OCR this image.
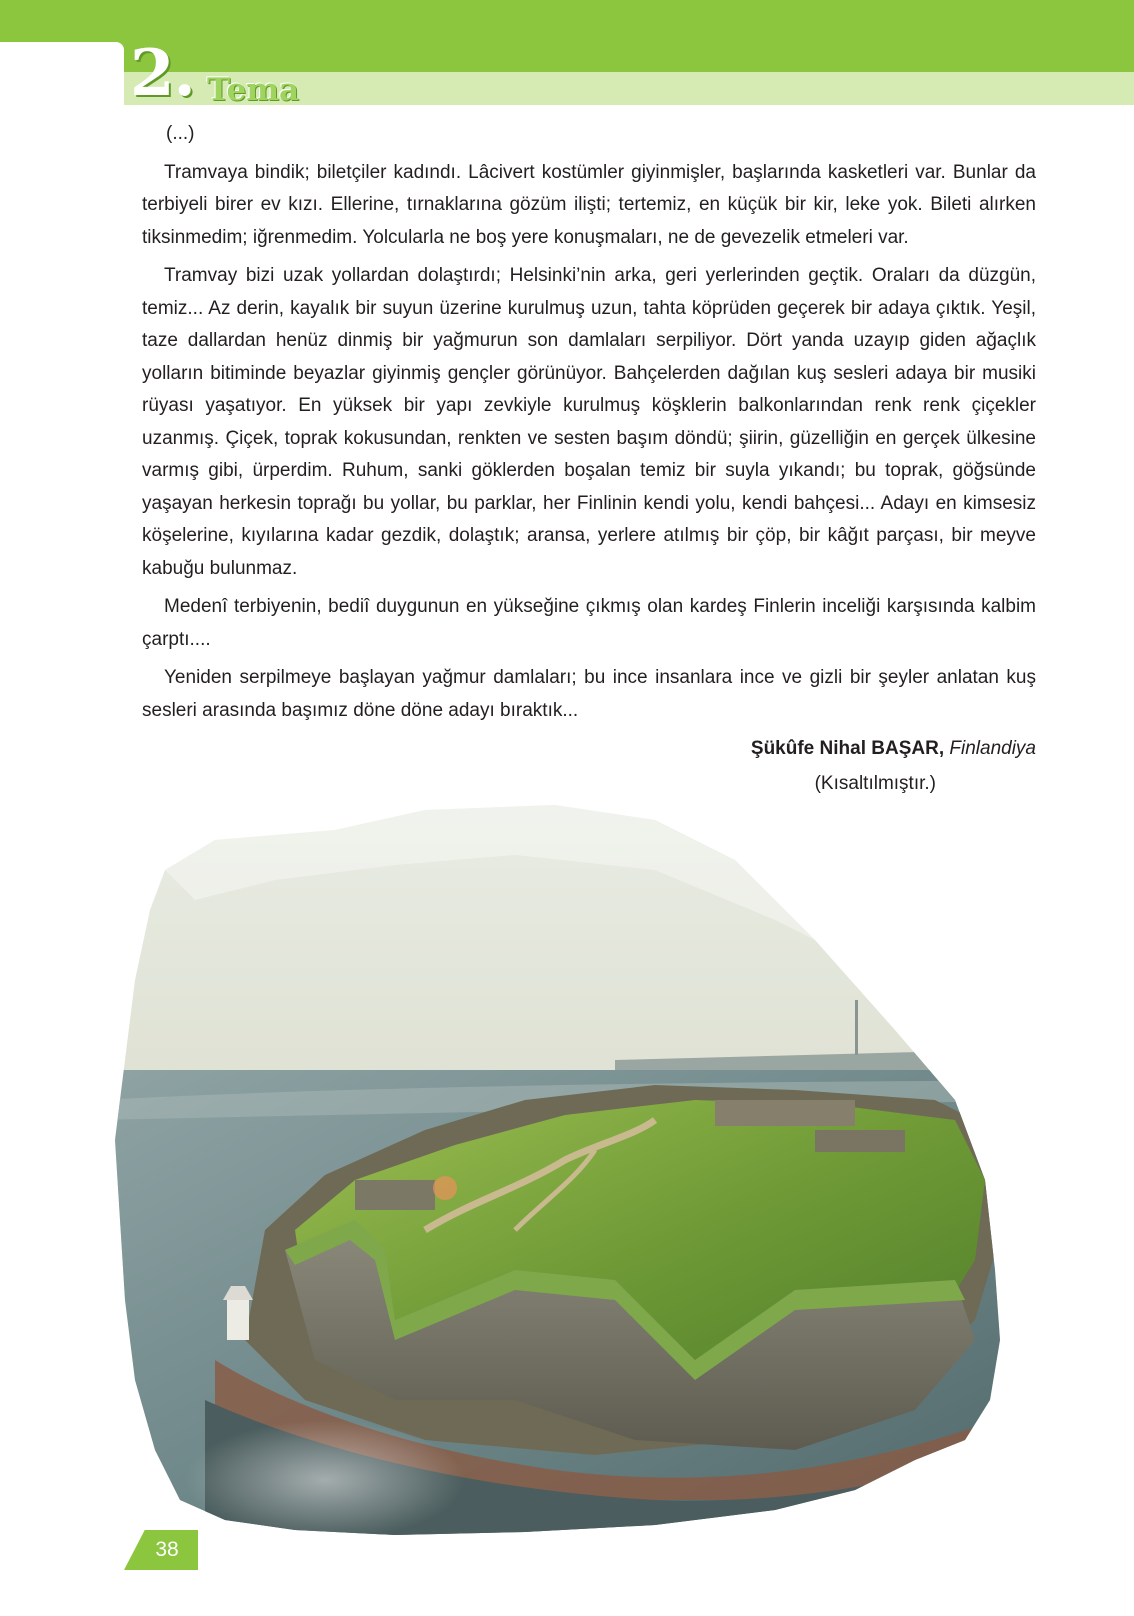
2. Tema

(...)

Tramvaya bindik; biletçiler kadındı. Lâcivert kostümler giyinmişler, başlarında kasketleri var. Bunlar da terbiyeli birer ev kızı. Ellerine, tırnaklarına gözüm ilişti; tertemiz, en küçük bir kir, leke yok. Bileti alırken tiksinmedim; iğrenmedim. Yolcularla ne boş yere konuşmaları, ne de gevezelik etmeleri var.

Tramvay bizi uzak yollardan dolaştırdı; Helsinki’nin arka, geri yerlerinden geçtik. Oraları da düzgün, temiz... Az derin, kayalık bir suyun üzerine kurulmuş uzun, tahta köprüden geçerek bir adaya çıktık. Yeşil, taze dallardan henüz dinmiş bir yağmurun son damlaları serpiliyor. Dört yanda uzayıp giden ağaçlık yolların bitiminde beyazlar giyinmiş gençler görünüyor. Bahçelerden dağılan kuş sesleri adaya bir musiki rüyası yaşatıyor. En yüksek bir yapı zevkiyle kurulmuş köşklerin balkonlarından renk renk çiçekler uzanmış. Çiçek, toprak kokusundan, renkten ve sesten başım döndü; şiirin, güzelliğin en gerçek ülkesine varmış gibi, ürperdim. Ruhum, sanki göklerden boşalan temiz bir suyla yıkandı; bu toprak, göğsünde yaşayan herkesin toprağı bu yollar, bu parklar, her Finlinin kendi yolu, kendi bahçesi... Adayı en kimsesiz köşelerine, kıyılarına kadar gezdik, dolaştık; aransa, yerlere atılmış bir çöp, bir kâğıt parçası, bir meyve kabuğu bulunmaz.

Medenî terbiyenin, bediî duygunun en yükseğine çıkmış olan kardeş Finlerin inceliği karşısında kalbim çarptı....

Yeniden serpilmeye başlayan yağmur damlaları; bu ince insanlara ince ve gizli bir şeyler anlatan kuş sesleri arasında başımız döne döne adayı bıraktık...

Şükûfe Nihal BAŞAR, Finlandiya
(Kısaltılmıştır.)
38
